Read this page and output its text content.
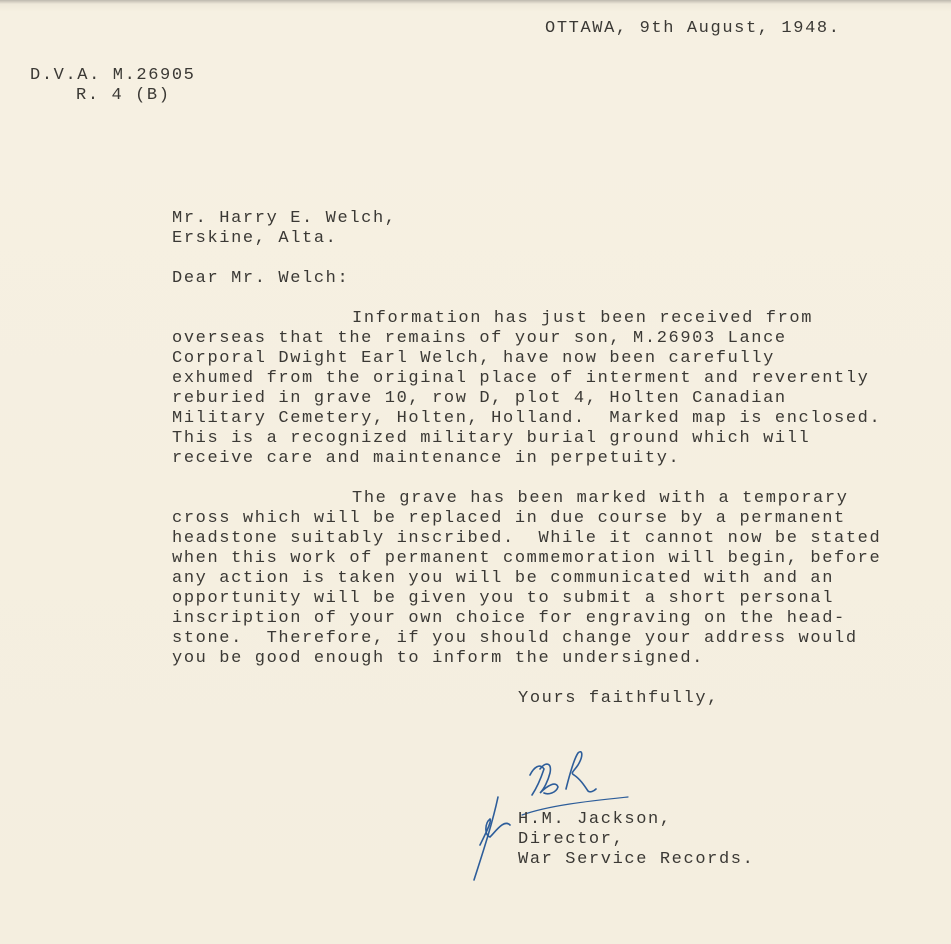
OTTAWA, 9th August, 1948.
D.V.A. M.26905
R. 4 (B)
Mr. Harry E. Welch,
Erskine, Alta.
Dear Mr. Welch:
Information has just been received from
overseas that the remains of your son, M.26903 Lance
Corporal Dwight Earl Welch, have now been carefully
exhumed from the original place of interment and reverently
reburied in grave 10, row D, plot 4, Holten Canadian
Military Cemetery, Holten, Holland.  Marked map is enclosed.
This is a recognized military burial ground which will
receive care and maintenance in perpetuity.
The grave has been marked with a temporary
cross which will be replaced in due course by a permanent
headstone suitably inscribed.  While it cannot now be stated
when this work of permanent commemoration will begin, before
any action is taken you will be communicated with and an
opportunity will be given you to submit a short personal
inscription of your own choice for engraving on the head-
stone.  Therefore, if you should change your address would
you be good enough to inform the undersigned.
Yours faithfully,
H.M. Jackson,
Director,
War Service Records.
